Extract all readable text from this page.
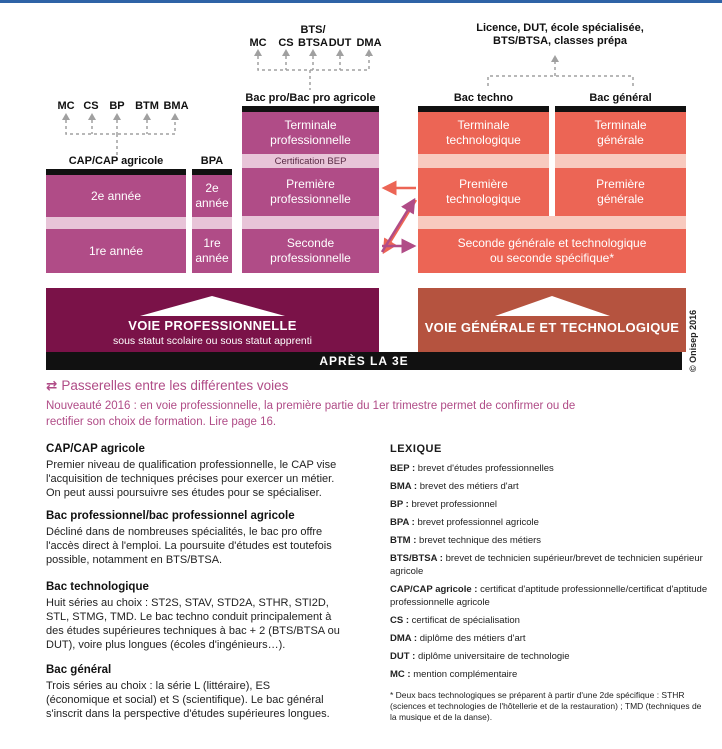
MC CS BP BTM BMA
MC	CS
BTS/
BTSA DUT DMA
Licence, DUT, école spécialisée,
BTS/BTSA, classes prépa
CAP/CAP agricole	BPA
Bac pro/Bac pro agricole	Bac techno	Bac général
2e année
1re année
2e
année
1re
année
Terminale
professionnelle
Certification BEP
Première
professionnelle
Seconde
professionnelle
Terminale
technologique
Première
technologique
Terminale
générale
Première
générale
Seconde générale et technologique
ou seconde spécifique*
VOIE PROFESSIONNELLE
sous statut scolaire ou sous statut apprenti
VOIE GÉNÉRALE ET TECHNOLOGIQUE
APRÈS LA 3E	© Onisep 2016
⇄ Passerelles entre les différentes voies
Nouveauté 2016 : en voie professionnelle, la première partie du 1er trimestre permet de confirmer ou de rectifier son choix de formation. Lire page 16.
CAP/CAP agricole
Premier niveau de qualification professionnelle, le CAP vise l'acquisition de techniques précises pour exercer un métier. On peut aussi poursuivre ses études pour se spécialiser.
Bac professionnel/bac professionnel agricole
Décliné dans de nombreuses spécialités, le bac pro offre l'accès direct à l'emploi. La poursuite d'études est toutefois possible, notamment en BTS/BTSA.
Bac technologique
Huit séries au choix : ST2S, STAV, STD2A, STHR, STI2D, STL, STMG, TMD. Le bac techno conduit principalement à des études supérieures techniques à bac + 2 (BTS/BTSA ou DUT), voire plus longues (écoles d'ingénieurs…).
Bac général
Trois séries au choix : la série L (littéraire), ES (économique et social) et S (scientifique). Le bac général s'inscrit dans la perspective d'études supérieures longues.
LEXIQUE
BEP : brevet d'études professionnelles
BMA : brevet des métiers d'art
BP : brevet professionnel
BPA : brevet professionnel agricole
BTM : brevet technique des métiers
BTS/BTSA : brevet de technicien supérieur/brevet de technicien supérieur agricole
CAP/CAP agricole : certificat d'aptitude professionnelle/certificat d'aptitude professionnelle agricole
CS : certificat de spécialisation
DMA : diplôme des métiers d'art
DUT : diplôme universitaire de technologie
MC : mention complémentaire
* Deux bacs technologiques se préparent à partir d'une 2de spécifique : STHR (sciences et technologies de l'hôtellerie et de la restauration) ; TMD (techniques de la musique et de la danse).
